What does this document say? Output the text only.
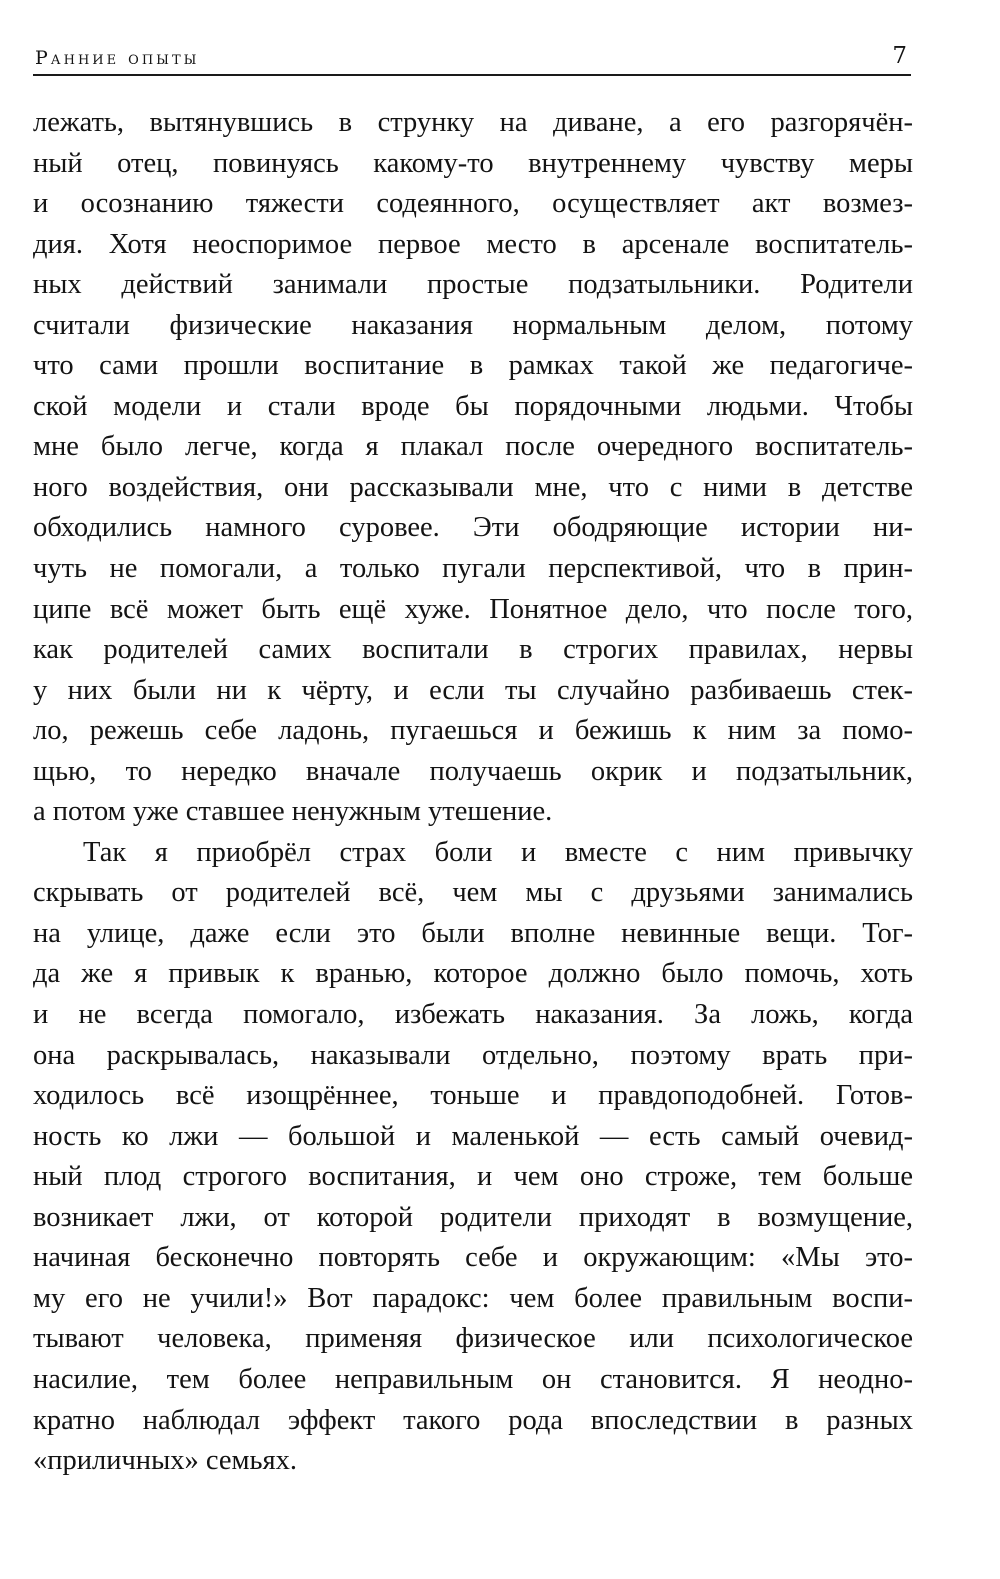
Ранние опыты	7
лежать, вытянувшись в струнку на диване, а его разгорячён-
ный отец, повинуясь какому-то внутреннему чувству меры
и осознанию тяжести содеянного, осуществляет акт возмез-
дия. Хотя неоспоримое первое место в арсенале воспитатель-
ных действий занимали простые подзатыльники. Родители
считали физические наказания нормальным делом, потому
что сами прошли воспитание в рамках такой же педагогиче-
ской модели и стали вроде бы порядочными людьми. Чтобы
мне было легче, когда я плакал после очередного воспитатель-
ного воздействия, они рассказывали мне, что с ними в детстве
обходились намного суровее. Эти ободряющие истории ни-
чуть не помогали, а только пугали перспективой, что в прин-
ципе всё может быть ещё хуже. Понятное дело, что после того,
как родителей самих воспитали в строгих правилах, нервы
у них были ни к чёрту, и если ты случайно разбиваешь стек-
ло, режешь себе ладонь, пугаешься и бежишь к ним за помо-
щью, то нередко вначале получаешь окрик и подзатыльник,
а потом уже ставшее ненужным утешение.
Так я приобрёл страх боли и вместе с ним привычку
скрывать от родителей всё, чем мы с друзьями занимались
на улице, даже если это были вполне невинные вещи. Тог-
да же я привык к вранью, которое должно было помочь, хоть
и не всегда помогало, избежать наказания. За ложь, когда
она раскрывалась, наказывали отдельно, поэтому врать при-
ходилось всё изощрённее, тоньше и правдоподобней. Готов-
ность ко лжи — большой и маленькой — есть самый очевид-
ный плод строгого воспитания, и чем оно строже, тем больше
возникает лжи, от которой родители приходят в возмущение,
начиная бесконечно повторять себе и окружающим: «Мы это-
му его не учили!» Вот парадокс: чем более правильным воспи-
тывают человека, применяя физическое или психологическое
насилие, тем более неправильным он становится. Я неодно-
кратно наблюдал эффект такого рода впоследствии в разных
«приличных» семьях.
